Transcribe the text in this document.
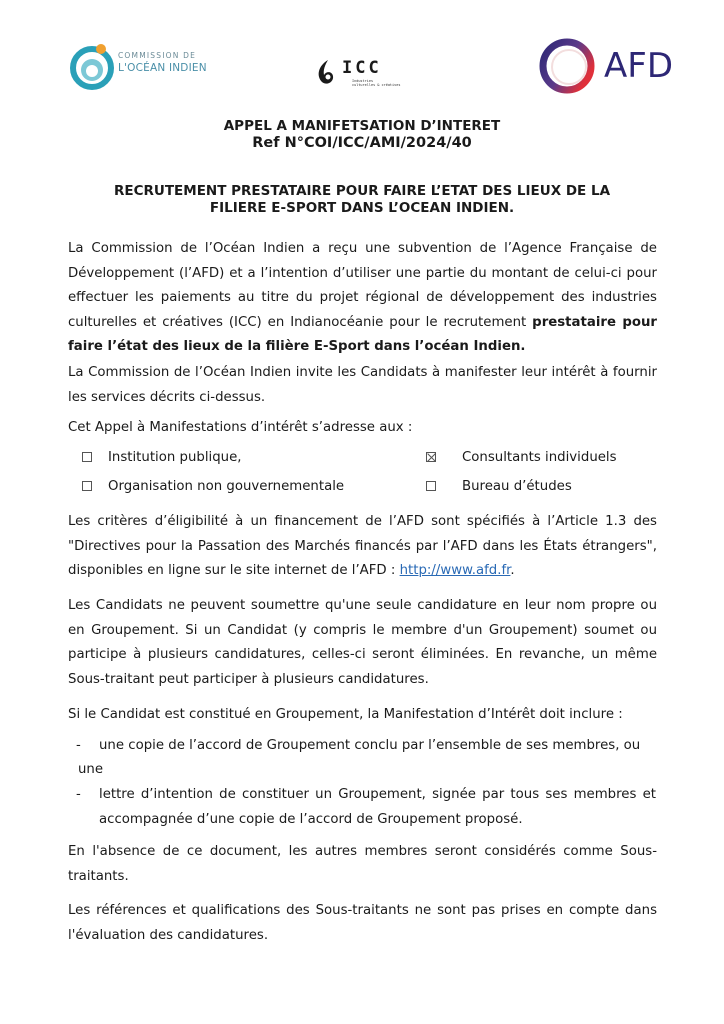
COMMISSION DE
L'OCÉAN INDIEN	ICC
Industries
culturelles & créatives	AFD
APPEL A MANIFETSATION D’INTERET
Ref N°COI/ICC/AMI/2024/40
RECRUTEMENT PRESTATAIRE POUR FAIRE L’ETAT DES LIEUX DE LA
FILIERE E-SPORT DANS L’OCEAN INDIEN.

La Commission de l’Océan Indien a reçu une subvention de l’Agence Française de Développement (l’AFD) et a l’intention d’utiliser une partie du montant de celui-ci pour effectuer les paiements au titre du projet régional de développement des industries culturelles et créatives (ICC) en Indianocéanie pour le recrutement prestataire pour faire l’état des lieux de la filière E-Sport dans l’océan Indien.

La Commission de l’Océan Indien invite les Candidats à manifester leur intérêt à fournir les services décrits ci-dessus.

Cet Appel à Manifestations d’intérêt s’adresse aux :

Institution publique,	Consultants individuels
Organisation non gouvernementale	Bureau d’études

Les critères d’éligibilité à un financement de l’AFD sont spécifiés à l’Article 1.3 des "Directives pour la Passation des Marchés financés par l’AFD dans les États étrangers", disponibles en ligne sur le site internet de l’AFD : http://www.afd.fr.

Les Candidats ne peuvent soumettre qu'une seule candidature en leur nom propre ou en Groupement. Si un Candidat (y compris le membre d'un Groupement) soumet ou participe à plusieurs candidatures, celles-ci seront éliminées. En revanche, un même Sous-traitant peut participer à plusieurs candidatures.

Si le Candidat est constitué en Groupement, la Manifestation d’Intérêt doit inclure :

- une copie de l’accord de Groupement conclu par l’ensemble de ses membres, ou
une
- lettre d’intention de constituer un Groupement, signée par tous ses membres et accompagnée d’une copie de l’accord de Groupement proposé.

En l'absence de ce document, les autres membres seront considérés comme Sous-traitants.

Les références et qualifications des Sous-traitants ne sont pas prises en compte dans l'évaluation des candidatures.
